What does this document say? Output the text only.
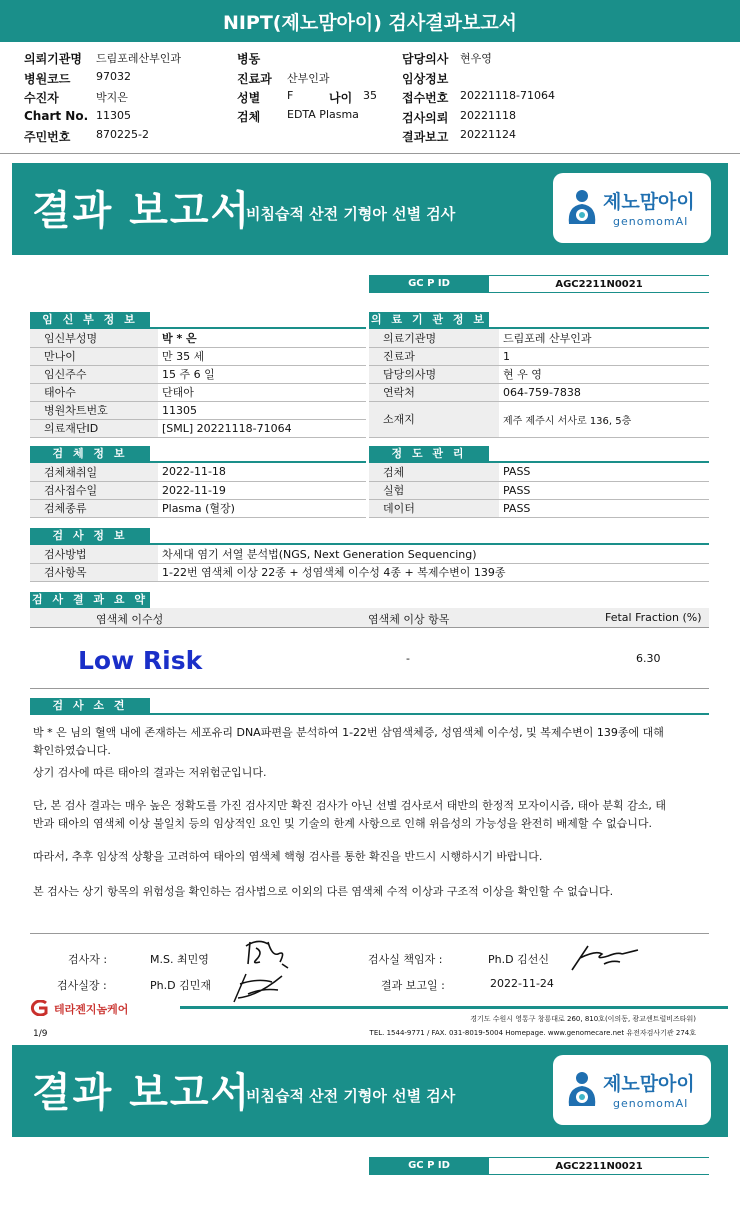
NIPT(제노맘아이) 검사결과보고서
의뢰기관명 드림포레산부인과
병원코드 97032
수진자	박지은
Chart No. 11305
주민번호 870225-2
병동
진료과 산부인과
성별 F	나이 35
검체 EDTA Plasma
담당의사 현우영
임상정보
접수번호 20221118-71064
검사의뢰 20221118
결과보고 20221124
결과 보고서
비침습적 산전 기형아 선별 검사
제노맘아이
genomomAI
GC P ID	AGC2211N0021
임 신 부 정 보
임신부성명	박 * 은
만나이	만 35 세
임신주수	15 주 6 일
태아수	단태아
병원차트번호	11305
의료재단ID	[SML] 20221118-71064
의 료 기 관 정 보
의료기관명	드림포레 산부인과
진료과	1
담당의사명	현 우 영
연락처	064-759-7838
소재지	제주 제주시 서사로 136, 5층
검 체 정 보
검체채취일	2022-11-18
검사접수일	2022-11-19
검체종류	Plasma (혈장)
정 도 관 리
검체	PASS
실험	PASS
데이터	PASS
검 사 정 보
검사방법	차세대 염기 서열 분석법(NGS, Next Generation Sequencing)
검사항목	1-22번 염색체 이상 22종 + 성염색체 이수성 4종 + 복제수변이 139종
검 사 결 과 요 약
염색체 이수성	염색체 이상 항목	Fetal Fraction (%)
Low Risk	-	6.30
검 사 소 견
박 * 은 님의 혈액 내에 존재하는 세포유리 DNA파편을 분석하여 1-22번 삼염색체증, 성염색체 이수성, 및 복제수변이 139종에 대해
확인하였습니다.
상기 검사에 따른 태아의 결과는 저위험군입니다.
단, 본 검사 결과는 매우 높은 정확도를 가진 검사지만 확진 검사가 아닌 선별 검사로서 태반의 한정적 모자이시즘, 태아 분획 감소, 태
반과 태아의 염색체 이상 불일치 등의 임상적인 요인 및 기술의 한계 사항으로 인해 위음성의 가능성을 완전히 배제할 수 없습니다.
따라서, 추후 임상적 상황을 고려하여 태아의 염색체 핵형 검사를 통한 확진을 반드시 시행하시기 바랍니다.
본 검사는 상기 항목의 위험성을 확인하는 검사법으로 이외의 다른 염색체 수적 이상과 구조적 이상을 확인할 수 없습니다.
검사자 :	M.S. 최민영
검사실장 :	Ph.D 김민재
검사실 책임자 :	Ph.D 김선신
결과 보고일 :	2022-11-24
테라젠지놈케어
1/9
경기도 수원시 영통구 창룡대로 260, 810호(이의동, 광교센트럴비즈타워)
TEL. 1544-9771 / FAX. 031-8019-5004 Homepage. www.genomecare.net 유전자검사기관 274호
결과 보고서
비침습적 산전 기형아 선별 검사
제노맘아이
genomomAI
GC P ID	AGC2211N0021
